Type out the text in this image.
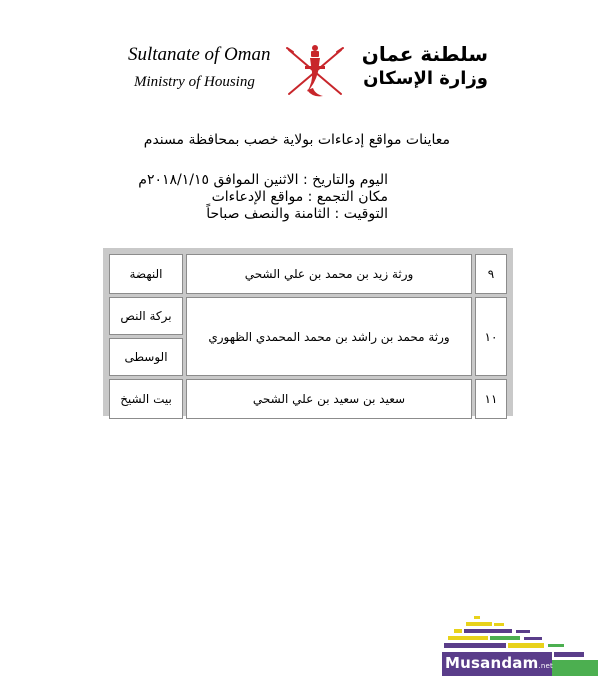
Sultanate of Oman
Ministry of Housing
سلطنة عمان
وزارة الإسكان
معاينات مواقع إدعاءات بولاية خصب بمحافظة مسندم
اليوم والتاريخ : الاثنين الموافق ٢٠١٨/١/١٥م
مكان التجمع : مواقع الإدعاءات
التوقيت : الثامنة والنصف صباحاً
٩	ورثة زيد بن محمد بن علي الشحي	النهضة
١٠	ورثة محمد بن راشد بن محمد المحمدي الظهوري	بركة النص
		الوسطى
١١	سعيد بن سعيد بن علي الشحي	بيت الشيخ
Musandam.net
